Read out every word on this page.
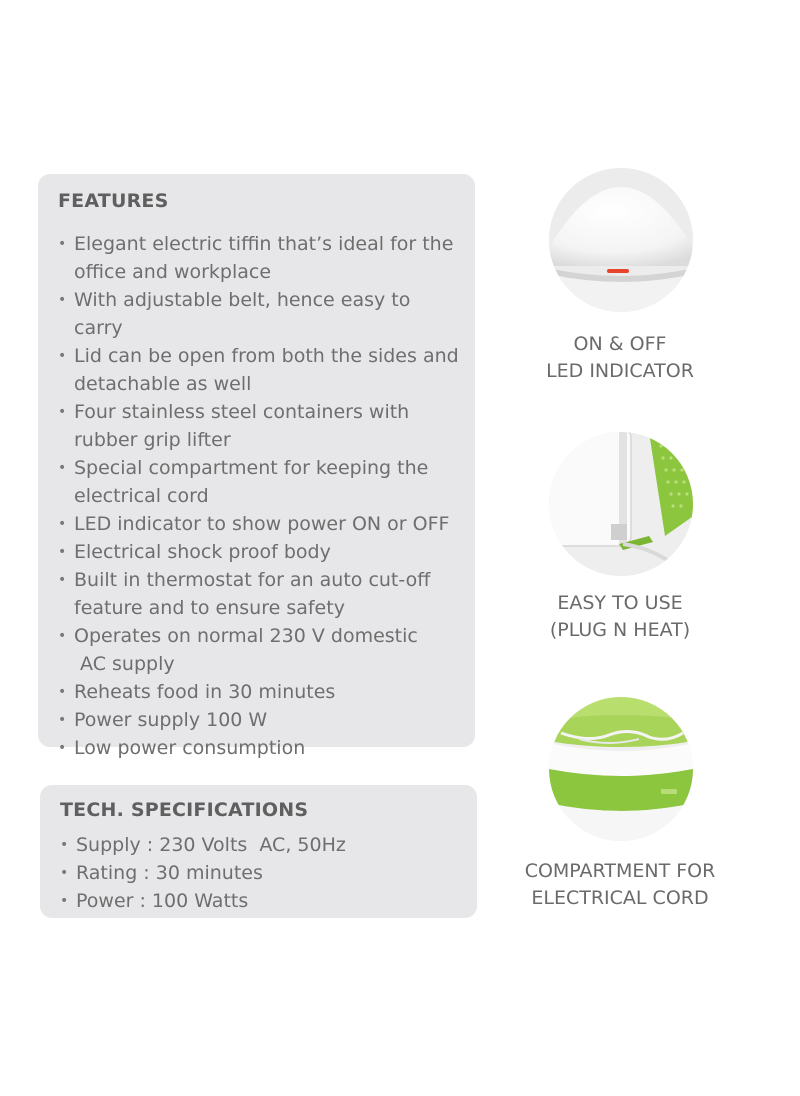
FEATURES
• Elegant electric tiffin that’s ideal for the
office and workplace
• With adjustable belt, hence easy to carry
• Lid can be open from both the sides and
detachable as well
• Four stainless steel containers with
rubber grip lifter
• Special compartment for keeping the
electrical cord
• LED indicator to show power ON or OFF
• Electrical shock proof body
• Built in thermostat for an auto cut-off
feature and to ensure safety
• Operates on normal 230 V domestic
AC supply
• Reheats food in 30 minutes
• Power supply 100 W
• Low power consumption
TECH. SPECIFICATIONS
• Supply : 230 Volts  AC, 50Hz
• Rating : 30 minutes
• Power : 100 Watts
ON & OFF
LED INDICATOR
EASY TO USE
(PLUG N HEAT)
COMPARTMENT FOR
ELECTRICAL CORD
